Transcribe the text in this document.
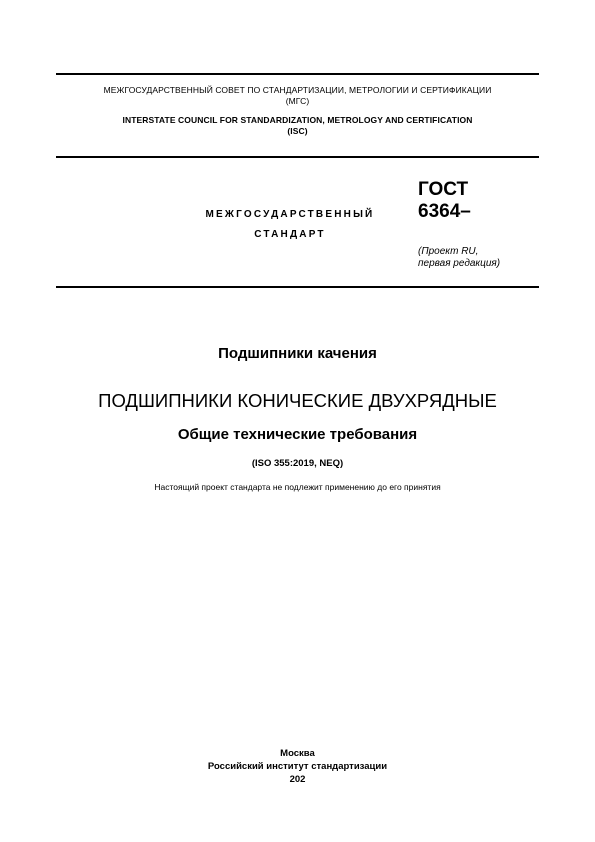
МЕЖГОСУДАРСТВЕННЫЙ СОВЕТ ПО СТАНДАРТИЗАЦИИ, МЕТРОЛОГИИ И СЕРТИФИКАЦИИ
(МГС)
INTERSTATE COUNCIL FOR STANDARDIZATION, METROLOGY AND CERTIFICATION
(ISC)
МЕЖГОСУДАРСТВЕННЫЙ
СТАНДАРТ
ГОСТ
6364–
(Проект RU,
первая редакция)
Подшипники качения
ПОДШИПНИКИ КОНИЧЕСКИЕ ДВУХРЯДНЫЕ
Общие технические требования
(ISO 355:2019, NEQ)
Настоящий проект стандарта не подлежит применению до его принятия
Москва
Российский институт стандартизации
202
